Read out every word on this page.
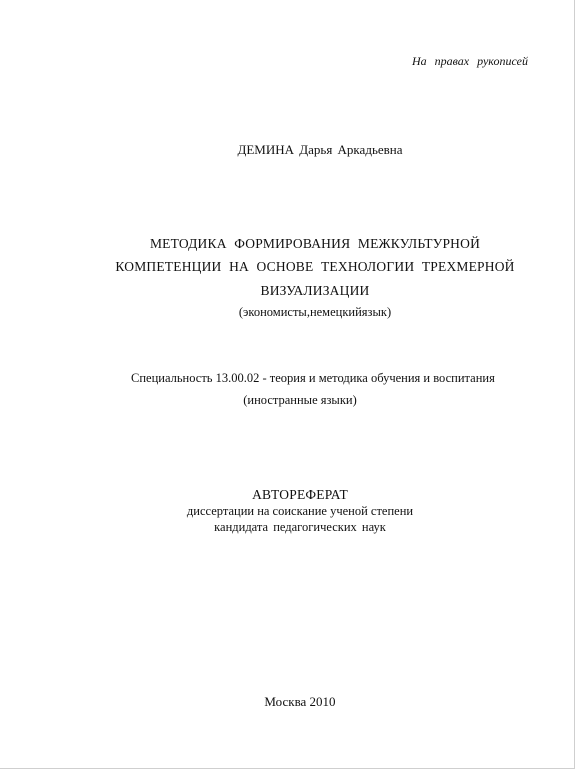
На правах рукописей
ДЕМИНА Дарья Аркадьевна
МЕТОДИКА ФОРМИРОВАНИЯ МЕЖКУЛЬТУРНОЙ
КОМПЕТЕНЦИИ НА ОСНОВЕ ТЕХНОЛОГИИ ТРЕХМЕРНОЙ
ВИЗУАЛИЗАЦИИ
(экономисты,немецкийязык)
Специальность 13.00.02 - теория и методика обучения и воспитания
(иностранные языки)
АВТОРЕФЕРАТ
диссертации на соискание ученой степени
кандидата педагогических наук
Москва 2010
